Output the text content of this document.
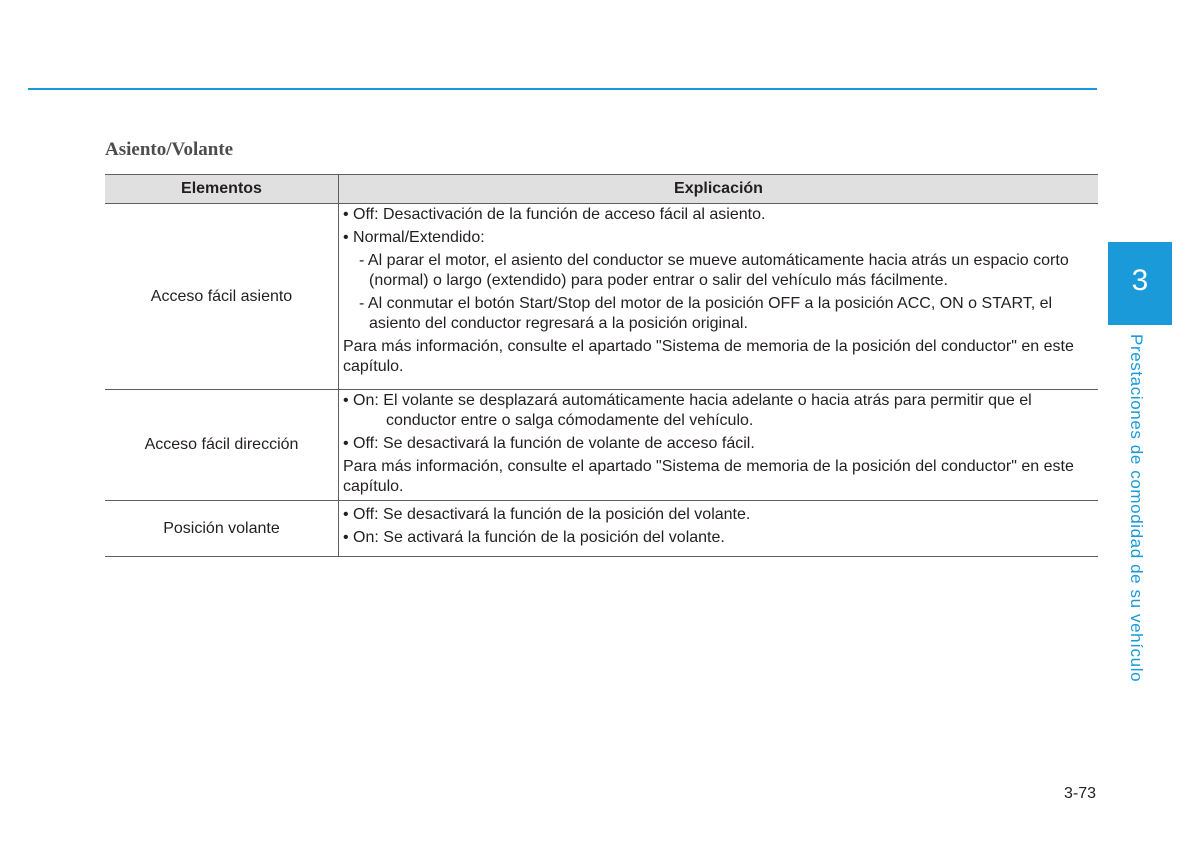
Asiento/Volante
Elementos	Explicación
Acceso fácil asiento	• Off: Desactivación de la función de acceso fácil al asiento.

• Normal/Extendido:

- Al parar el motor, el asiento del conductor se mueve automáticamente hacia atrás un espacio corto (normal) o largo (extendido) para poder entrar o salir del vehículo más fácilmente.

- Al conmutar el botón Start/Stop del motor de la posición OFF a la posición ACC, ON o START, el asiento del conductor regresará a la posición original.

Para más información, consulte el apartado "Sistema de memoria de la posición del conductor" en este capítulo.

Acceso fácil dirección	• On: El volante se desplazará automáticamente hacia adelante o hacia atrás para permitir que el conductor entre o salga cómodamente del vehículo.

• Off: Se desactivará la función de volante de acceso fácil.

Para más información, consulte el apartado "Sistema de memoria de la posición del conductor" en este capítulo.

Posición volante	• Off: Se desactivará la función de la posición del volante.

• On: Se activará la función de la posición del volante.

3
Prestaciones de comodidad de su vehículo
3-73
